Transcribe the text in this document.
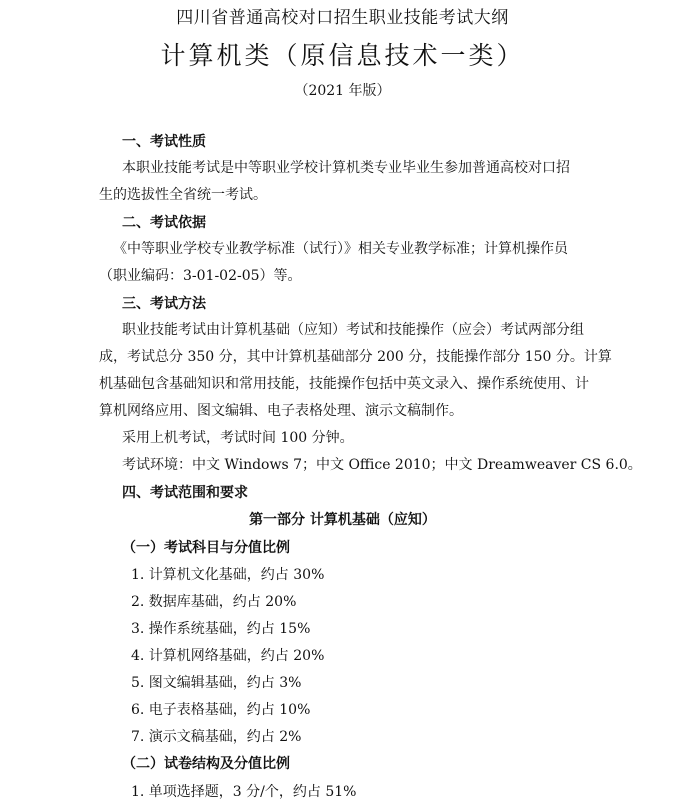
四川省普通高校对口招生职业技能考试大纲
计算机类（原信息技术一类）
（2021 年版）
一、考试性质
本职业技能考试是中等职业学校计算机类专业毕业生参加普通高校对口招
生的选拔性全省统一考试。
二、考试依据
《中等职业学校专业教学标准（试行）》相关专业教学标准；计算机操作员
（职业编码：3-01-02-05）等。
三、考试方法
职业技能考试由计算机基础（应知）考试和技能操作（应会）考试两部分组
成，考试总分 350 分，其中计算机基础部分 200 分，技能操作部分 150 分。计算
机基础包含基础知识和常用技能，技能操作包括中英文录入、操作系统使用、计
算机网络应用、图文编辑、电子表格处理、演示文稿制作。
采用上机考试，考试时间 100 分钟。
考试环境：中文 Windows 7；中文 Office 2010；中文 Dreamweaver CS 6.0。
四、考试范围和要求
第一部分 计算机基础（应知）
（一）考试科目与分值比例
1. 计算机文化基础，约占 30%
2. 数据库基础，约占 20%
3. 操作系统基础，约占 15%
4. 计算机网络基础，约占 20%
5. 图文编辑基础，约占 3%
6. 电子表格基础，约占 10%
7. 演示文稿基础，约占 2%
（二）试卷结构及分值比例
1. 单项选择题，3 分/个，约占 51%
